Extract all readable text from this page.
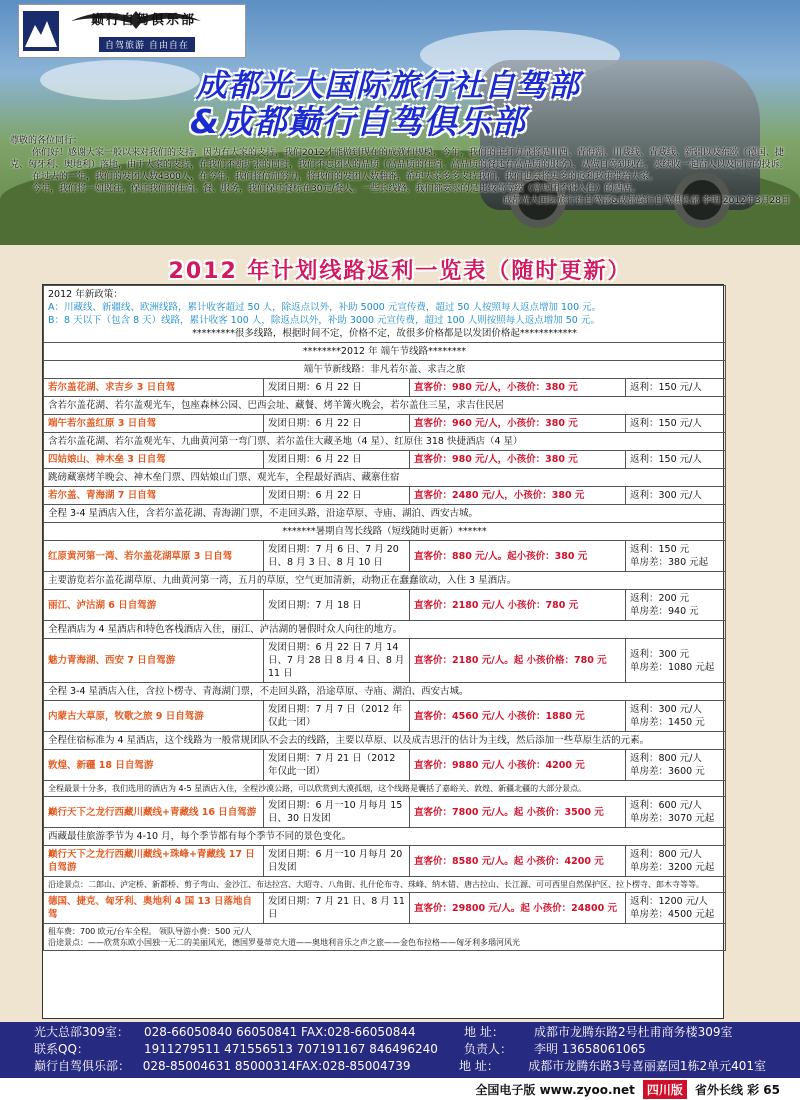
巅行自驾俱乐部
自驾旅游 自由自在
成都光大国际旅行社自驾部
&成都巅行自驾俱乐部

尊敬的各位同行：

你们好！感谢大家一般以来对我们的支持，因为有大家的支持，我们2012才能做到现在的成就和规模，今年，我们的主打力量将是川西、青海湖、川藏线、青藏线、新疆以及东欧（德国、捷克、匈牙利、奥地利）落地，由于大家的支持，在我们不断扩张的同时，我们不忘团队的品质（高品质的住宿、高品质的餐还有高品质的服务），从做自驾到现在，永续收一起奋人以及同行的投诉。

在过去的一年，我们的发团人数4300人，在今年，我们将倍加努力，将我们的发团人数翻番，希望大家多多支持我们，我们也会将更多的返利政策带给大家。

今年，我们将一如既往，保证我们的住宿、餐、服务，我们保证餐标在30元/餐人。一些长线路，我们都要求的是比较高等级（常规团不得入住）的酒店。

成都光大国际旅行社自驾部&成都巅行自驾俱乐部 李明 2012年3月28日

2012 年计划线路返利一览表（随时更新）
2012 年新政策：
A：川藏线、新疆线、欧洲线路，累计收客超过 50 人，除返点以外，补助 5000 元宣传费，超过 50 人按照每人返点增加 100 元。
B：8 天以下（包含 8 天）线路，累计收客 100 人，除返点以外，补助 3000 元宣传费，超过 100 人则按照每人返点增加 50 元。
*********很多线路，根据时间不定，价格不定，故很多价格都是以发团价格起************			

********2012 年 端午节线路********			
端午节新线路：非凡若尔盖、求吉之旅			
若尔盖花湖、求吉乡 3 日自驾	发团日期：6 月 22 日	直客价：980 元/人，小孩价：380 元	返利：150 元/人
含若尔盖花湖、若尔盖观光车，包座森林公园、巴西会址、藏餐、烤羊篝火晚会，若尔盖住三星，求吉住民居			
端午若尔盖红原 3 日自驾	发团日期：6 月 22 日	直客价：960 元/人，小孩价：380 元	返利：150 元/人
含若尔盖花湖、若尔盖观光车、九曲黄河第一弯门票、若尔盖住大藏圣地（4 星）、红原住 318 快捷酒店（4 星）			
四姑娘山、神木垒 3 日自驾	发团日期：6 月 22 日	直客价：980 元/人，小孩价：380 元	返利：150 元/人
跳磅藏寨烤羊晚会、神木垒门票、四姑娘山门票、观光车，全程最好酒店、藏寨住宿			
若尔盖、青海湖 7 日自驾	发团日期：6 月 22 日	直客价：2480 元/人，小孩价：380 元	返利：300 元/人
全程 3-4 星酒店入住，含若尔盖花湖、青海湖门票，不走回头路，沿途草原、寺庙、湖泊、西安古城。			
*******暑期自驾长线路（短线随时更新）******			
红原黄河第一湾、若尔盖花湖草原 3 日自驾	发团日期：7 月 6 日、7 月 20 日、8 月 3 日、8 月 10 日	直客价：880 元/人。起小孩价：380 元	返利：150 元
单房差：380 元起

主要游览若尔盖花湖草原、九曲黄河第一湾，五月的草原，空气更加清新，动物正在蠢蠢欲动，入住 3 星酒店。			
丽江、泸沽湖 6 日自驾游	发团日期：7 月 18 日	直客价：2180 元/人 小孩价：780 元	返利：200 元
单房差：940 元

全程酒店为 4 星酒店和特色客栈酒店入住，丽江、泸沽湖的暑假时众人向往的地方。			
魅力青海湖、西安 7 日自驾游	发团日期：6 月 22 日 7 月 14 日、7 月 28 日 8 月 4 日、8 月 11 日	直客价：2180 元/人。起 小孩价格：780 元	返利：300 元
单房差：1080 元起

全程 3-4 星酒店入住，含拉卜楞寺、青海湖门票，不走回头路，沿途草原、寺庙、湖泊、西安古城。			
内蒙古大草原，牧歌之旅 9 日自驾游	发团日期：7 月 7 日（2012 年仅此一团）	直客价：4560 元/人 小孩价：1880 元	返利：300 元/人
单房差：1450 元

全程住宿标准为 4 星酒店，这个线路为一般常规团队不会去的线路，主要以草原、以及成吉思汗的估计为主线，然后添加一些草原生活的元素。			
敦煌、新疆 18 日自驾游	发团日期：7 月 21 日（2012 年仅此一团）	直客价：9880 元/人 小孩价：4200 元	返利：800 元/人
单房差：3600 元

全程最景十分多，我们选用的酒店为 4-5 星酒店入住，全程沙漠公路，可以欣赏到大漠孤烟，这个线路是囊括了嘉峪关、敦煌、新疆北疆的大部分景点。			
巅行天下之龙行西藏川藏线+青藏线 16 日自驾游	发团日期：6 月一10 月每月 15 日、30 日发团	直客价：7800 元/人。起 小孩价：3500 元	返利：600 元/人
单房差：3070 元起

西藏最佳旅游季节为 4-10 月，每个季节都有每个季节不同的景色变化。			
巅行天下之龙行西藏川藏线+珠峰+青藏线 17 日自驾游	发团日期：6 月一10 月每月 20 日发团	直客价：8580 元/人。起 小孩价：4200 元	返利：800 元/人
单房差：3200 元起

沿途景点：二郎山、泸定桥、新都桥、剪子弯山、金沙江、布达拉宫、大昭寺、八角街、扎什伦布寺、珠峰、纳木错、唐古拉山、长江源、可可西里自然保护区、拉卜楞寺、郎木寺等等。			
德国、捷克、匈牙利、奥地利 4 国 13 日落地自驾	发团日期：7 月 21 日、8 月 11 日	直客价：29800 元/人。起 小孩价：24800 元	返利：1200 元/人
单房差：4500 元起

租车费：700 欧元/台车全程。 领队导游小费：500 元/人
沿途景点：——欣赏东欧小国独一无二的美丽风光，德国罗曼蒂克大道——奥地利音乐之声之旅——金色布拉格——匈牙利多瑙河风光			
光大总部309室：	028-66050840 66050841 FAX:028-66050844	地 址：	成都市龙腾东路2号杜甫商务楼309室
联系QQ：	1911279511 471556513 707191167 846496240	负责人：	李明 13658061065
巅行自驾俱乐部：	028-85004631 85000314FAX:028-85004739	地 址：	成都市龙腾东路3号喜丽嘉园1栋2单元401室
全国电子版 www.zyoo.net	四川版	省外长线 彩 65
